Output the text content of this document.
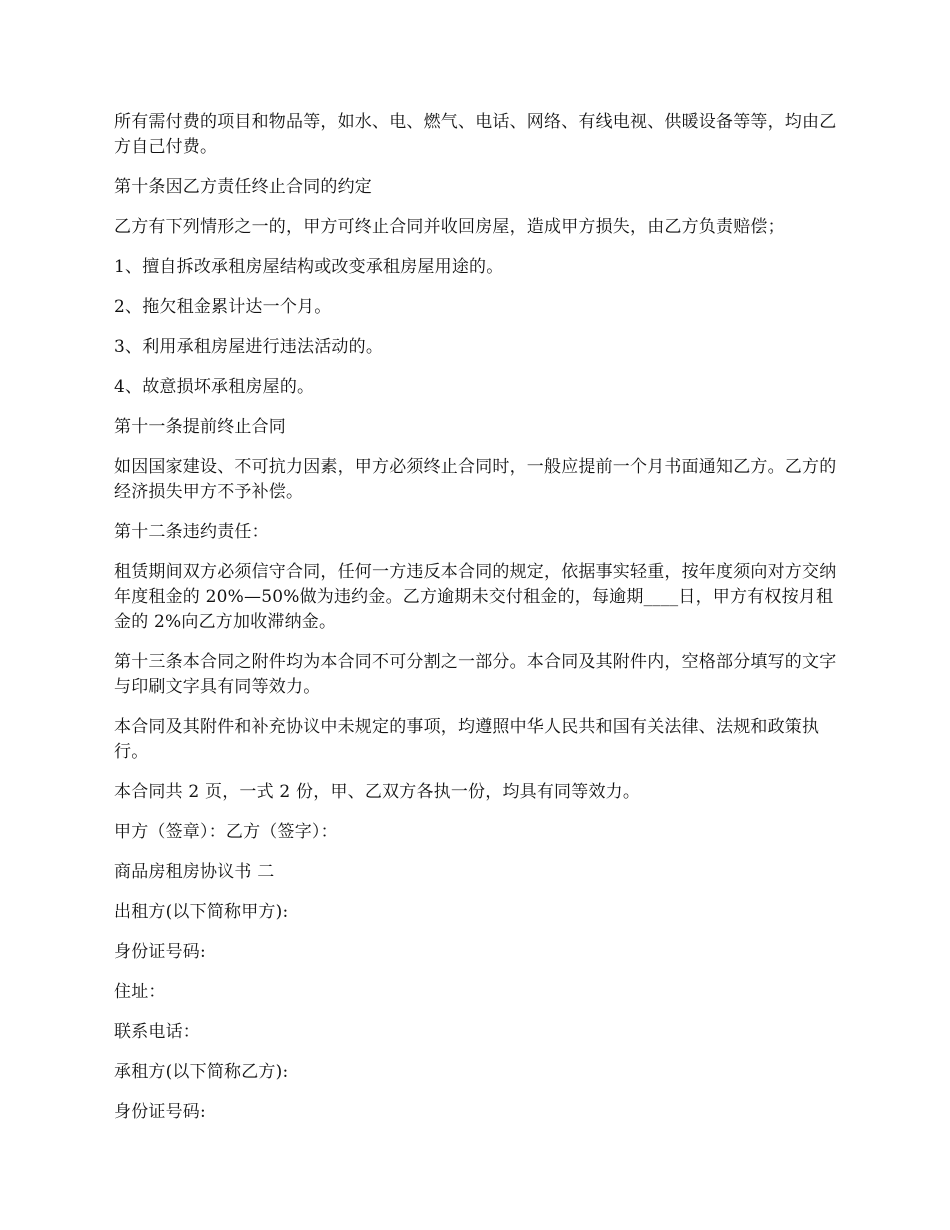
所有需付费的项目和物品等，如水、电、燃气、电话、网络、有线电视、供暖设备等等，均由乙方自己付费。

第十条因乙方责任终止合同的约定

乙方有下列情形之一的，甲方可终止合同并收回房屋，造成甲方损失，由乙方负责赔偿；

1、擅自拆改承租房屋结构或改变承租房屋用途的。

2、拖欠租金累计达一个月。

3、利用承租房屋进行违法活动的。

4、故意损坏承租房屋的。

第十一条提前终止合同

如因国家建设、不可抗力因素，甲方必须终止合同时，一般应提前一个月书面通知乙方。乙方的经济损失甲方不予补偿。

第十二条违约责任：

租赁期间双方必须信守合同，任何一方违反本合同的规定，依据事实轻重，按年度须向对方交纳年度租金的 20%—50%做为违约金。乙方逾期未交付租金的，每逾期____日，甲方有权按月租金的 2%向乙方加收滞纳金。

第十三条本合同之附件均为本合同不可分割之一部分。本合同及其附件内，空格部分填写的文字与印刷文字具有同等效力。

本合同及其附件和补充协议中未规定的事项，均遵照中华人民共和国有关法律、法规和政策执行。

本合同共 2 页，一式 2 份，甲、乙双方各执一份，均具有同等效力。

甲方（签章）：乙方（签字）：

商品房租房协议书 二

出租方(以下简称甲方):

身份证号码:

住址：

联系电话：

承租方(以下简称乙方):

身份证号码:
